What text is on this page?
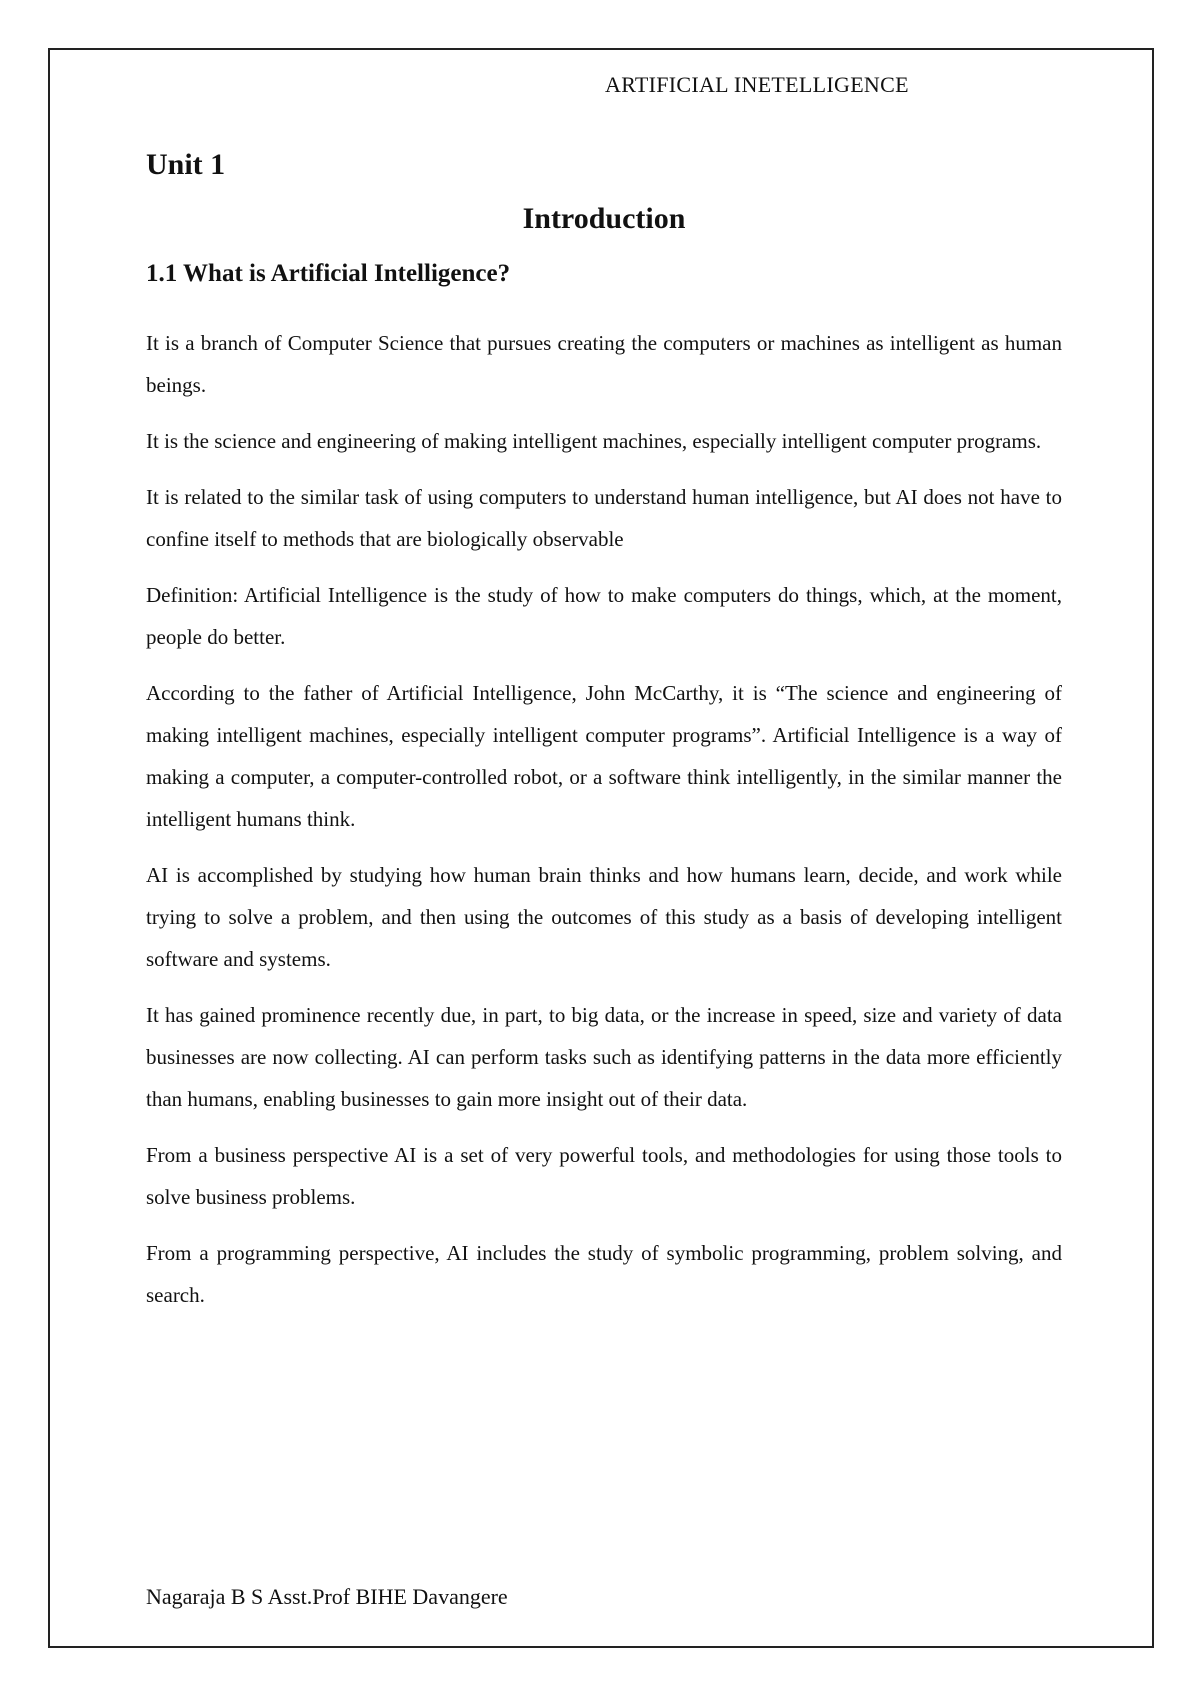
ARTIFICIAL INETELLIGENCE
Unit 1
Introduction
1.1 What is Artificial Intelligence?

It is a branch of Computer Science that pursues creating the computers or machines as intelligent as human beings.

It is the science and engineering of making intelligent machines, especially intelligent computer programs.

It is related to the similar task of using computers to understand human intelligence, but AI does not have to confine itself to methods that are biologically observable

Definition: Artificial Intelligence is the study of how to make computers do things, which, at the moment, people do better.

According to the father of Artificial Intelligence, John McCarthy, it is “The science and engineering of making intelligent machines, especially intelligent computer programs”. Artificial Intelligence is a way of making a computer, a computer-controlled robot, or a software think intelligently, in the similar manner the intelligent humans think.

AI is accomplished by studying how human brain thinks and how humans learn, decide, and work while trying to solve a problem, and then using the outcomes of this study as a basis of developing intelligent software and systems.

It has gained prominence recently due, in part, to big data, or the increase in speed, size and variety of data businesses are now collecting. AI can perform tasks such as identifying patterns in the data more efficiently than humans, enabling businesses to gain more insight out of their data.

From a business perspective AI is a set of very powerful tools, and methodologies for using those tools to solve business problems.

From a programming perspective, AI includes the study of symbolic programming, problem solving, and search.

Nagaraja B S Asst.Prof BIHE Davangere
